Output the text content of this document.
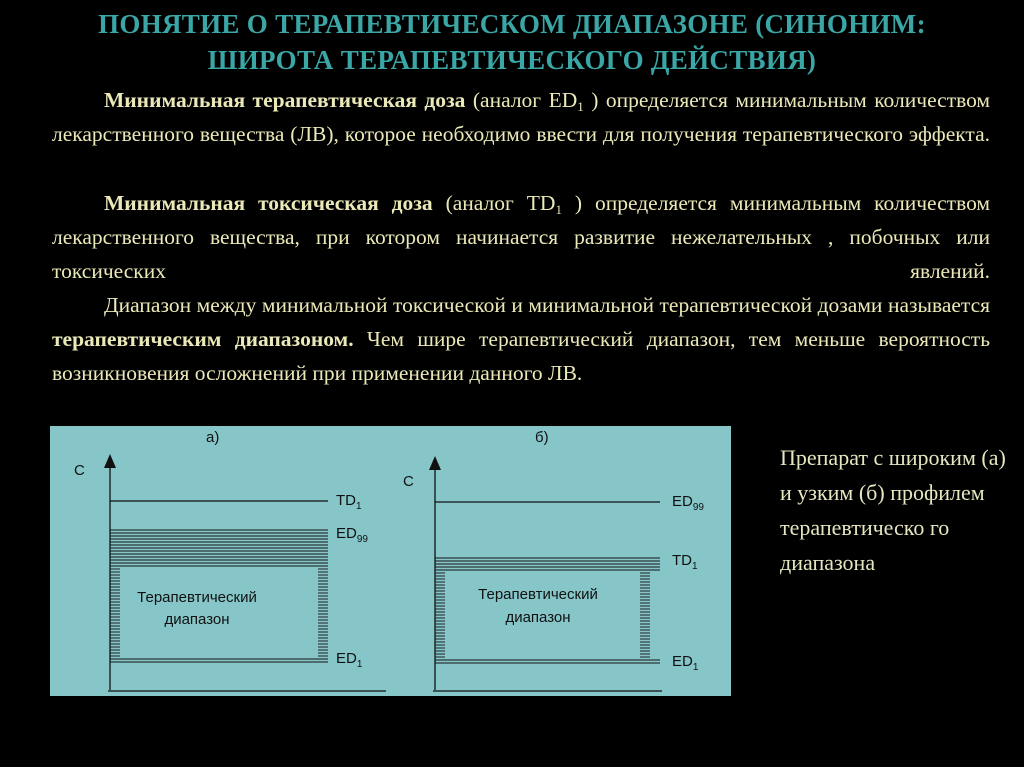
ПОНЯТИЕ О ТЕРАПЕВТИЧЕСКОМ ДИАПАЗОНЕ (СИНОНИМ:
ШИРОТА ТЕРАПЕВТИЧЕСКОГО ДЕЙСТВИЯ)
Минимальная терапевтическая доза (аналог $ED_1$ ) определяется минимальным количеством лекарственного вещества (ЛВ), которое необходимо ввести для получения терапевтического эффекта.
Минимальная токсическая доза (аналог $TD_1$ ) определяется минимальным количеством лекарственного вещества, при котором начинается развитие нежелательных , побочных или токсических явлений.
Диапазон между минимальной токсической и минимальной терапевтической дозами называется терапевтическим диапазоном. Чем шире терапевтический диапазон, тем меньше вероятность возникновения осложнений при применении данного ЛВ.
а)
С
$TD_1$
$ED_{99}$
$ED_1$
Терапевтический
диапазон
б)
С
$ED_{99}$
$TD_1$
$ED_1$
Терапевтический
диапазон
Препарат с широким (а) и узким (б) профилем терапевтическо го диапазона
